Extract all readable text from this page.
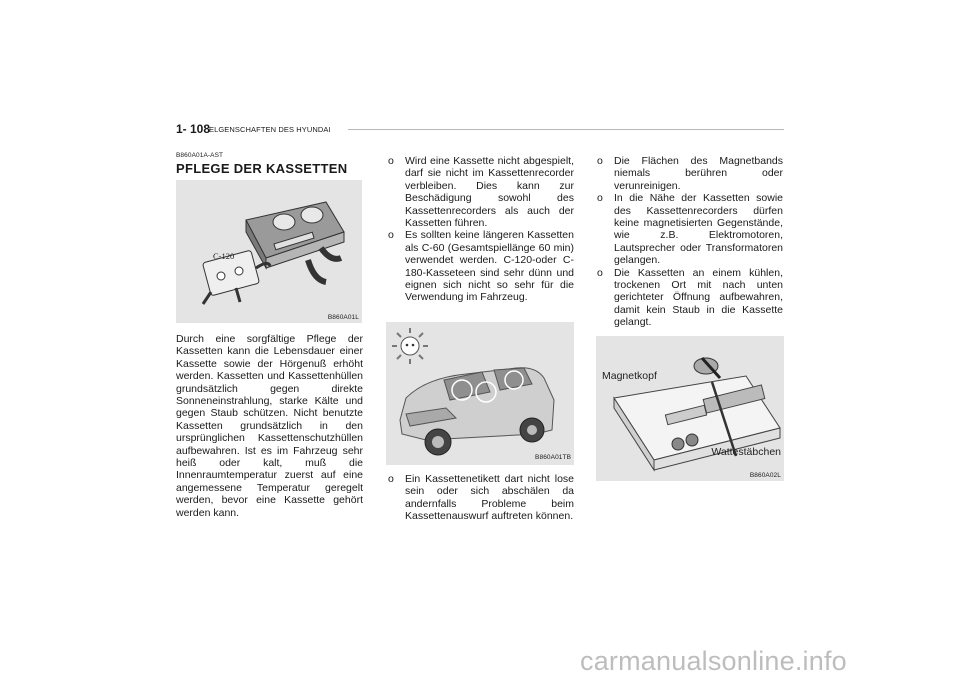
1- 108
ELGENSCHAFTEN DES HYUNDAI
B860A01A-AST
PFLEGE DER KASSETTEN
C-120
B860A01L
Durch eine sorgfältige Pflege der Kassetten kann die Lebensdauer einer Kassette sowie der Hörgenuß erhöht werden. Kassetten und Kassettenhüllen grundsätzlich gegen direkte Sonneneinstrahlung, starke Kälte und gegen Staub schützen. Nicht benutzte Kassetten grundsätzlich in den ursprünglichen Kassettenschutzhüllen aufbewahren. Ist es im Fahrzeug sehr heiß oder kalt, muß die Innenraumtemperatur zuerst auf eine angemessene Temperatur geregelt werden, bevor eine Kassette gehört werden kann.
o Wird eine Kassette nicht abgespielt, darf sie nicht im Kassettenrecorder verbleiben. Dies kann zur Beschädigung sowohl des Kassettenrecorders als auch der Kassetten führen.
o Es sollten keine längeren Kassetten als C-60 (Gesamtspiellänge 60 min) verwendet werden. C-120-oder C-180-Kasseteen sind sehr dünn und eignen sich nicht so sehr für die Verwendung im Fahrzeug.
B860A01TB
o Ein Kassettenetikett dart nicht lose sein oder sich abschälen da andernfalls Probleme beim Kassettenauswurf auftreten können.
o Die Flächen des Magnetbands niemals berühren oder verunreinigen.
o In die Nähe der Kassetten sowie des Kassettenrecorders dürfen keine magnetisierten Gegenstände, wie z.B. Elektromotoren, Lautsprecher oder Transformatoren gelangen.
o Die Kassetten an einem kühlen, trockenen Ort mit nach unten gerichteter Öffnung aufbewahren, damit kein Staub in die Kassette gelangt.
Magnetkopf
Wattestäbchen
B860A02L
carmanualsonline.info
